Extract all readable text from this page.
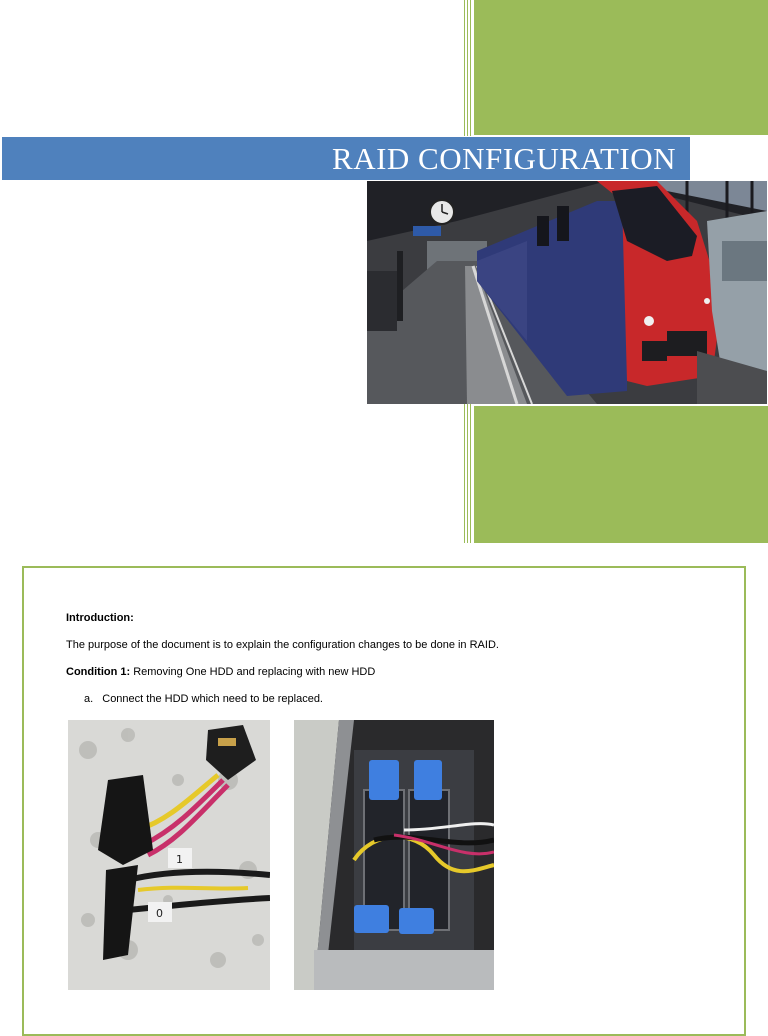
RAID CONFIGURATION
Introduction:
The purpose of the document is to explain the configuration changes to be done in RAID.
Condition 1: Removing One HDD and replacing with new HDD
a. Connect the HDD which need to be replaced.
1
0
